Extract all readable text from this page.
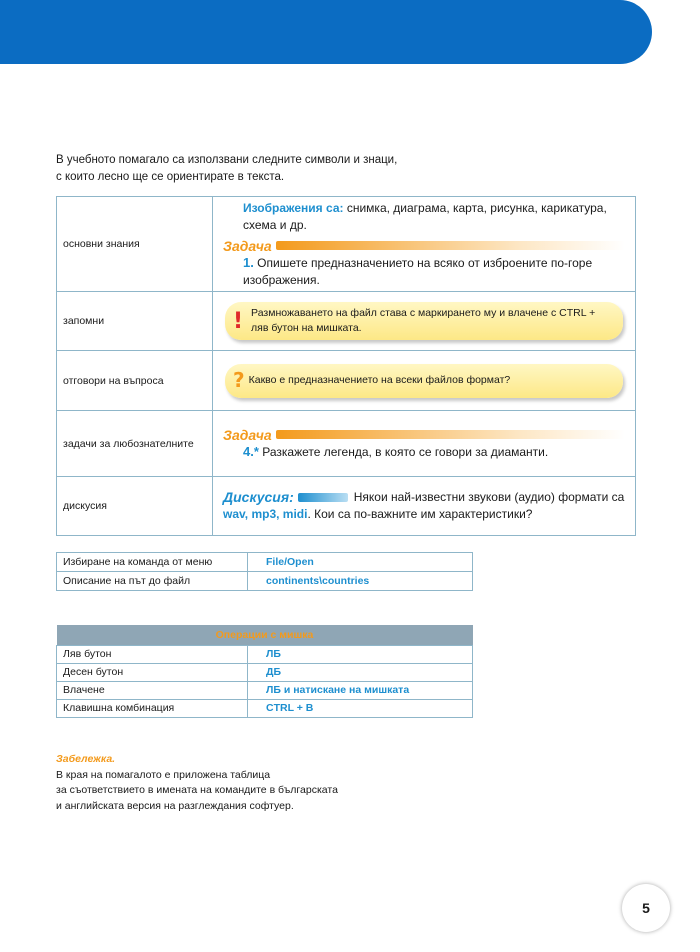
В учебното помагало са използвани следните символи и знаци,
с които лесно ще се ориентирате в текста.
основни знания	Изображения са: снимка, диаграма, карта, рисунка, карикатура, схема и др.
Задача
1. Опишете предназначението на всяко от изброените по-горе изображения.

запомни	! Размножаването на файл става с маркирането му и влачене с CTRL + ляв бутон на мишката.

отговори на въпроса	? Какво е предназначението на всеки файлов формат?

задачи за любознателните	Задача
4.* Разкажете легенда, в която се говори за диаманти.

дискусия	Дискусия: Някои най-известни звукови (аудио) формати са wav, mp3, midi. Кои са по-важните им характеристики?
Избиране на команда от меню	File/Open
Описание на път до файл	continents\countries
Операции с мишка	
Ляв бутон	ЛБ
Десен бутон	ДБ
Влачене	ЛБ и натискане на мишката
Клавишна комбинация	CTRL + B
Забележка.
В края на помагалото е приложена таблица
за съответствието в имената на командите в българската
и английската версия на разглеждания софтуер.
5
